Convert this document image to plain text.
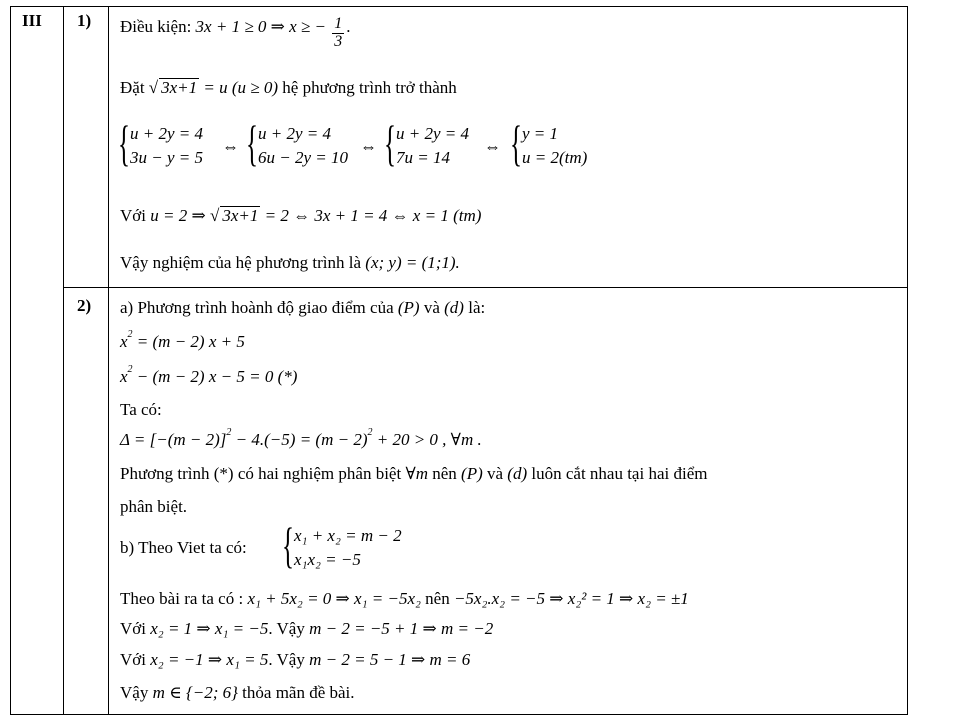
III 1)
2)
Điều kiện: 3x + 1 ≥ 0 ⇒ x ≥ − $\frac{1}{3}$ .
Đặt √ 3x+1 = u (u ≥ 0) hệ phương trình trở thành
{ u + 2y = 4
3u − y = 5
⇔ { u + 2y = 4
6u − 2y = 10
⇔ { u + 2y = 4
7u = 14
⇔ { y = 1
u = 2(tm)
Với u = 2 ⇒ √ 3x+1 = 2 ⇔ 3x + 1 = 4 ⇔ x = 1 (tm)
Vậy nghiệm của hệ phương trình là (x; y) = (1;1).
a) Phương trình hoành độ giao điểm của (P) và (d) là:
$x^2 = (m - 2) x + 5$
$x^2 - (m - 2) x - 5 = 0$ (*)
Ta có:
$\Delta = [-(m - 2)]^2 - 4.(-5) = (m - 2)^2 + 20 > 0$ , ∀m .
Phương trình (*) có hai nghiệm phân biệt ∀m nên (P) và (d) luôn cắt nhau tại hai điểm
phân biệt.
b) Theo Viet ta có: { x₁ + x₂ = m − 2
x₁x₂ = −5
Theo bài ra ta có : x₁ + 5x₂ = 0 ⇒ x₁ = −5x₂ nên −5x₂.x₂ = −5 ⇒ x₂² = 1 ⇒ x₂ = ±1
Với x₂ = 1 ⇒ x₁ = −5. Vậy m − 2 = −5 + 1 ⇒ m = −2
Với x₂ = −1 ⇒ x₁ = 5. Vậy m − 2 = 5 − 1 ⇒ m = 6
Vậy m ∈ {−2; 6} thỏa mãn đề bài.
